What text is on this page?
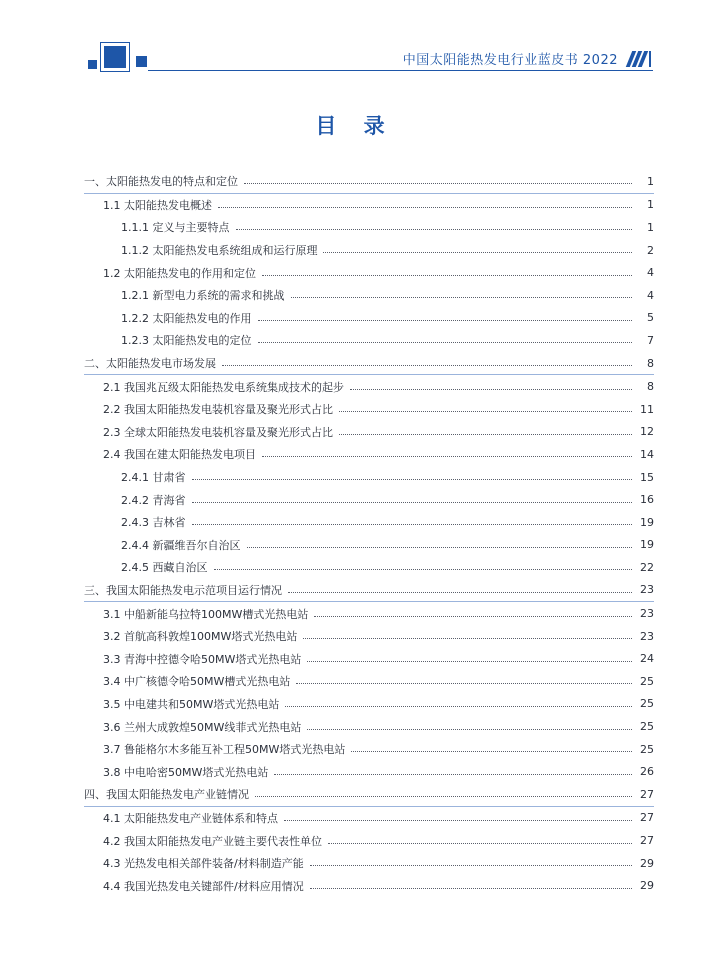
中国太阳能热发电行业蓝皮书 2022
目 录
一、太阳能热发电的特点和定位	1
1.1 太阳能热发电概述	1
1.1.1 定义与主要特点	1
1.1.2 太阳能热发电系统组成和运行原理	2
1.2 太阳能热发电的作用和定位	4
1.2.1 新型电力系统的需求和挑战	4
1.2.2 太阳能热发电的作用	5
1.2.3 太阳能热发电的定位	7
二、太阳能热发电市场发展	8
2.1 我国兆瓦级太阳能热发电系统集成技术的起步	8
2.2 我国太阳能热发电装机容量及聚光形式占比	11
2.3 全球太阳能热发电装机容量及聚光形式占比	12
2.4 我国在建太阳能热发电项目	14
2.4.1 甘肃省	15
2.4.2 青海省	16
2.4.3 吉林省	19
2.4.4 新疆维吾尔自治区	19
2.4.5 西藏自治区	22
三、我国太阳能热发电示范项目运行情况	23
3.1 中船新能乌拉特100MW槽式光热电站	23
3.2 首航高科敦煌100MW塔式光热电站	23
3.3 青海中控德令哈50MW塔式光热电站	24
3.4 中广核德令哈50MW槽式光热电站	25
3.5 中电建共和50MW塔式光热电站	25
3.6 兰州大成敦煌50MW线菲式光热电站	25
3.7 鲁能格尔木多能互补工程50MW塔式光热电站	25
3.8 中电哈密50MW塔式光热电站	26
四、我国太阳能热发电产业链情况	27
4.1 太阳能热发电产业链体系和特点	27
4.2 我国太阳能热发电产业链主要代表性单位	27
4.3 光热发电相关部件装备/材料制造产能	29
4.4 我国光热发电关键部件/材料应用情况	29
